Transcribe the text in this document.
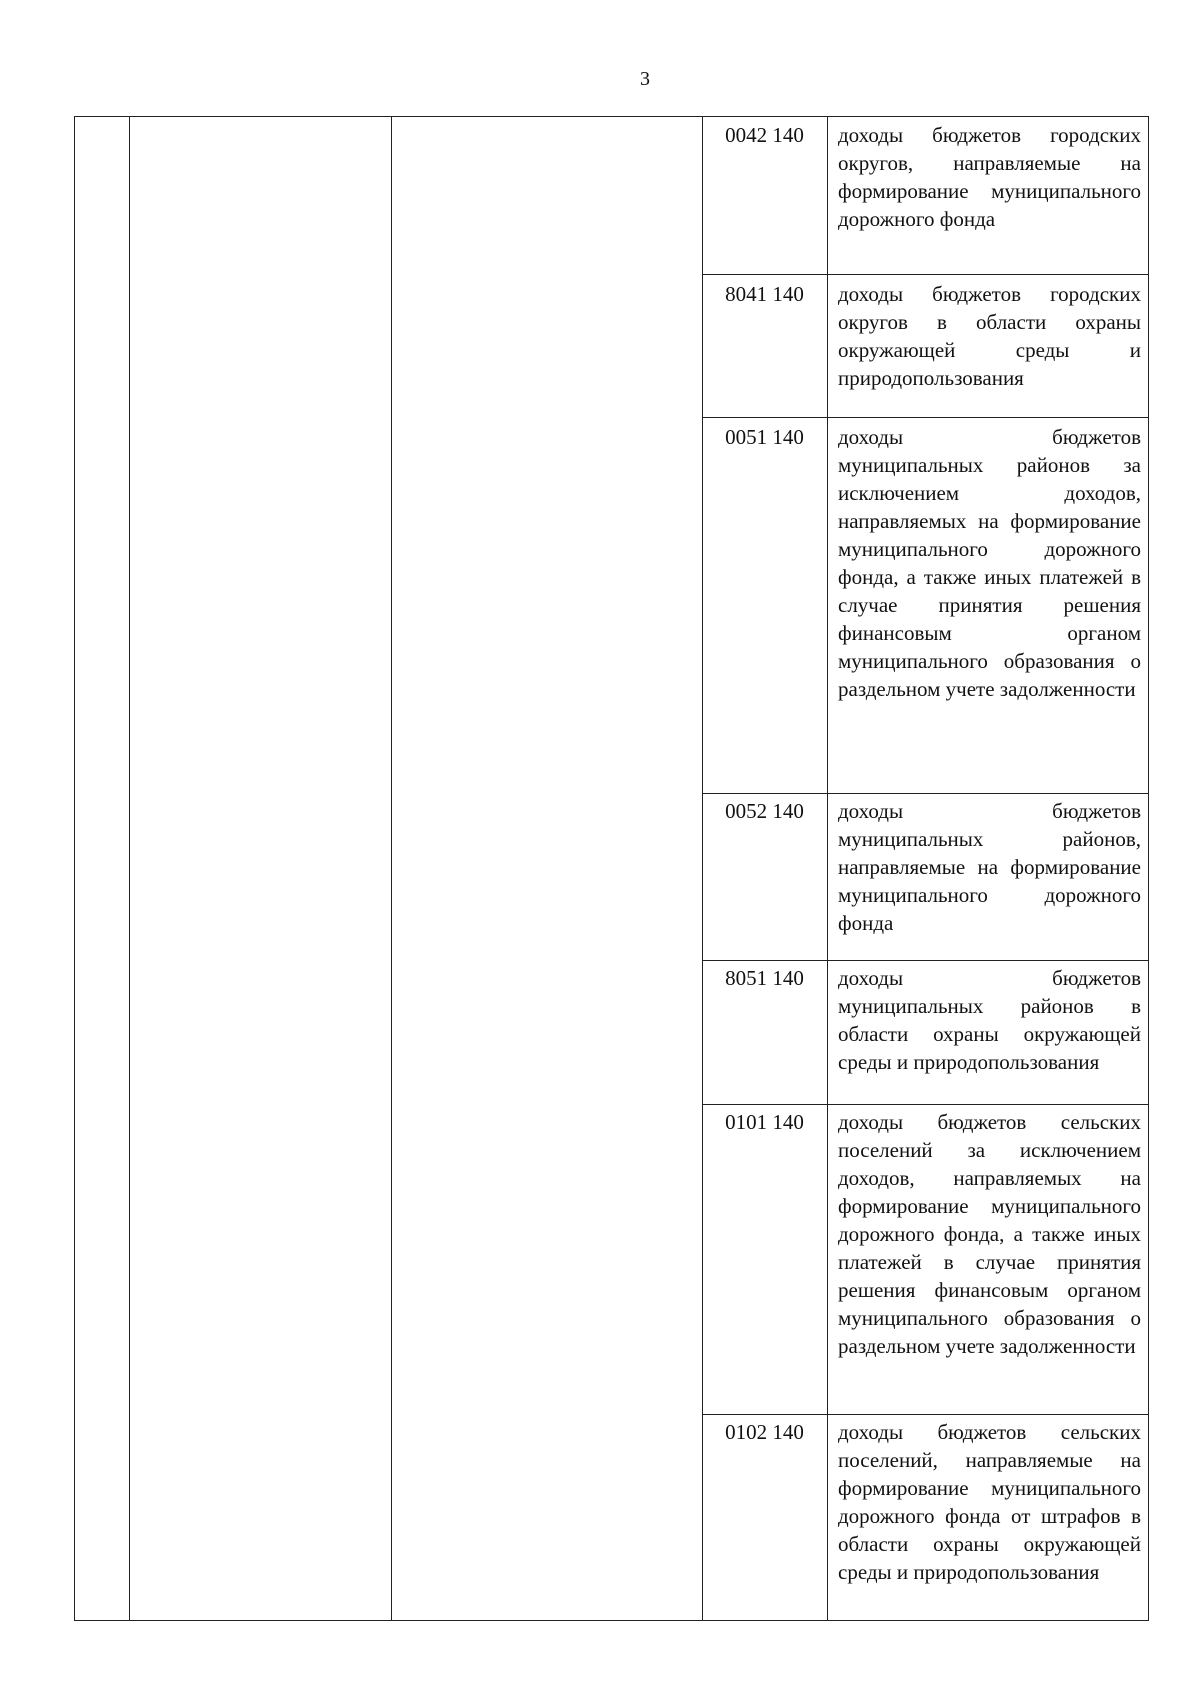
3
0042 140	доходы бюджетов городских округов, направляемые на формирование муниципального дорожного фонда
8041 140	доходы бюджетов городских округов в области охраны окружающей среды и природопользования
0051 140	доходы бюджетов муниципальных районов за исключением доходов, направляемых на формирование муниципального дорожного фонда, а также иных платежей в случае принятия решения финансовым органом муниципального образования о раздельном учете задолженности
0052 140	доходы бюджетов муниципальных районов, направляемые на формирование муниципального дорожного фонда
8051 140	доходы бюджетов муниципальных районов в области охраны окружающей среды и природопользования
0101 140	доходы бюджетов сельских поселений за исключением доходов, направляемых на формирование муниципального дорожного фонда, а также иных платежей в случае принятия решения финансовым органом муниципального образования о раздельном учете задолженности
0102 140	доходы бюджетов сельских поселений, направляемые на формирование муниципального дорожного фонда от штрафов в области охраны окружающей среды и природопользования
